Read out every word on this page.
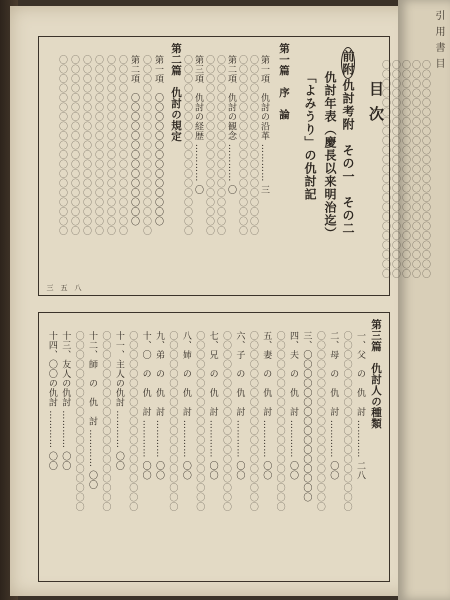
目次
前附仇討考附　その一　その二
仇討年表（慶長以来明治迄）
「よみうり」の仇討記
第一篇　序　論
第一項　仇討の沿革 ………… 三
〇〇〇〇〇〇〇〇〇〇〇〇〇〇〇〇〇〇〇
〇〇〇〇〇〇〇〇〇〇〇〇〇〇〇〇〇〇〇
第二項　仇討の観念 ………… 〇
〇〇〇〇〇〇〇〇〇〇〇〇〇〇〇〇〇〇〇
〇〇〇〇〇〇〇〇〇〇〇〇〇〇〇〇〇〇〇
第三項　仇討の経歴 ………… 〇
〇〇〇〇〇〇〇〇〇〇〇〇〇〇〇〇〇〇〇
第二篇　仇討の規定
第一項　〇〇〇〇〇〇〇〇〇〇〇〇〇〇
〇〇〇〇〇〇〇〇〇〇〇〇〇〇〇〇〇〇〇
第二項　〇〇〇〇〇〇〇〇〇〇〇〇〇〇
〇〇〇〇〇〇〇〇〇〇〇〇〇〇〇〇〇〇〇
〇〇〇〇〇〇〇〇〇〇〇〇〇〇〇〇〇〇〇
〇〇〇〇〇〇〇〇〇〇〇〇〇〇〇〇〇〇〇
〇〇〇〇〇〇〇〇〇〇〇〇〇〇〇〇〇〇〇
〇〇〇〇〇〇〇〇〇〇〇〇〇〇〇〇〇〇〇
〇〇〇〇〇〇〇〇〇〇〇〇〇〇〇〇〇〇〇
三 五 八
第三篇　仇討人の種類
一、父　の　仇　討 ………… 二八
〇〇〇〇〇〇〇〇〇〇〇〇〇〇〇〇〇〇〇
二、母　の　仇　討 ………… 〇〇
〇〇〇〇〇〇〇〇〇〇〇〇〇〇〇〇〇〇〇
三、〇〇〇〇〇〇〇〇〇〇〇〇〇〇〇〇
四、夫　の　仇　討 ………… 〇〇
〇〇〇〇〇〇〇〇〇〇〇〇〇〇〇〇〇〇〇
五、妻　の　仇　討 ………… 〇〇
〇〇〇〇〇〇〇〇〇〇〇〇〇〇〇〇〇〇〇
六、子　の　仇　討 ………… 〇〇
〇〇〇〇〇〇〇〇〇〇〇〇〇〇〇〇〇〇〇
七、兄　の　仇　討 ………… 〇〇
〇〇〇〇〇〇〇〇〇〇〇〇〇〇〇〇〇〇〇
八、姉　の　仇　討 ………… 〇〇
〇〇〇〇〇〇〇〇〇〇〇〇〇〇〇〇〇〇〇
九、弟　の　仇　討 ………… 〇〇
十、〇　の　仇　討 ………… 〇〇
〇〇〇〇〇〇〇〇〇〇〇〇〇〇〇〇〇〇〇
十一、主人の仇討 ………… 〇〇
〇〇〇〇〇〇〇〇〇〇〇〇〇〇〇〇〇〇〇
十二、師　の　仇　討 ………… 〇〇
〇〇〇〇〇〇〇〇〇〇〇〇〇〇〇〇〇〇〇
十三、友人の仇討 ………… 〇〇
十四、〇〇の仇討 ………… 〇〇
引用書目
〇〇〇〇〇〇〇〇〇〇〇〇〇〇〇〇〇〇〇〇〇〇〇
〇〇〇〇〇〇〇〇〇〇〇〇〇〇〇〇〇〇〇〇〇〇〇
〇〇〇〇〇〇〇〇〇〇〇〇〇〇〇〇〇〇〇〇〇〇〇
〇〇〇〇〇〇〇〇〇〇〇〇〇〇〇〇〇〇〇〇〇〇〇
〇〇〇〇〇〇〇〇〇〇〇〇〇〇〇〇〇〇〇〇〇〇〇
